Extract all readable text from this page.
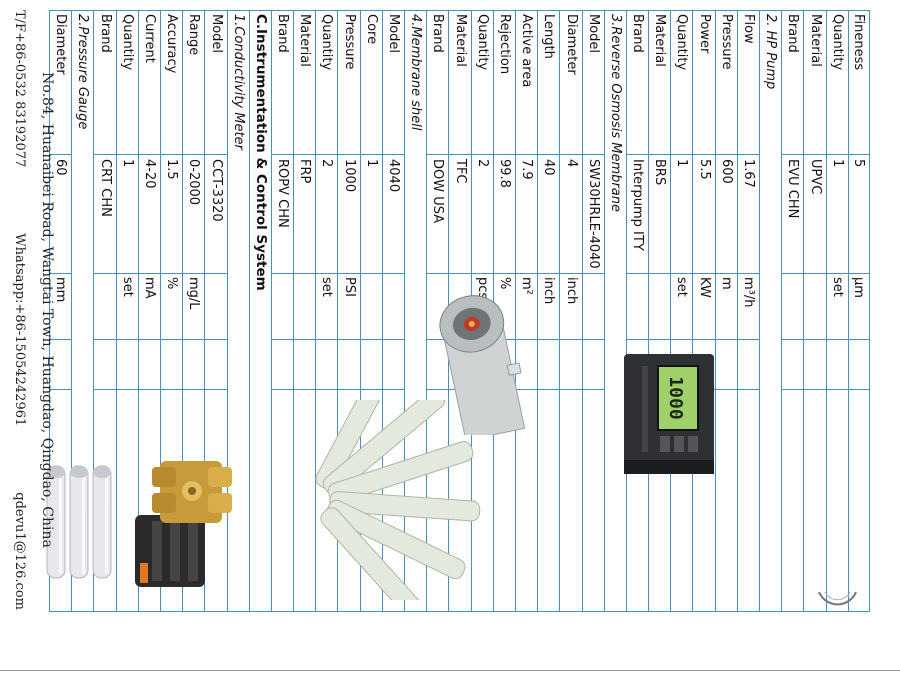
Fineness
5
μm
Quantity
1
set
Material
UPVC
Brand
EVU CHN
2. HP Pump
Flow
1.67
m³/h
Pressure
600
m
Power
5.5
KW
Quantity
1
set
Material
BRS
Brand
Interpump ITY
3.Reverse Osmosis Membrane
Model
SW30HRLE-4040
Diameter
4
inch
Length
40
inch
Active area
7.9
m²
Rejection
99.8
%
Quantity
2
pcs
Material
TFC
Brand
DOW USA
4.Membrane shell
Model
4040
Core
1
Pressure
1000
PSI
Quantity
2
set
Material
FRP
Brand
ROPV CHN
C.Instrumentation & Control System
1.Conductivity Meter
Model
CCT-3320
Range
0-2000
mg/L
Accuracy
1.5
%
Current
4-20
mA
Quantity
1
set
Brand
CRT CHN
2.Pressure Gauge
Diameter
60
mm
1000
No.84, Huanaibei Road, Wangtai Town, Huangdao, Qingdao, China
T/F+86-0532 83192077
Whatsapp:+86-15054242961
qdevu1@126.com
